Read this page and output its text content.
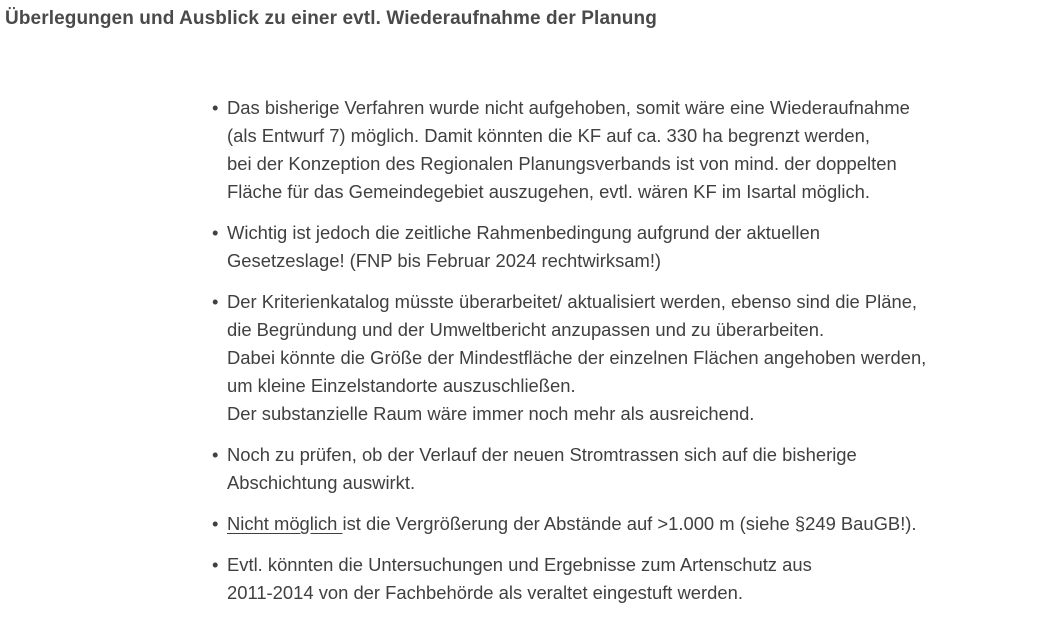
Überlegungen und Ausblick zu einer evtl. Wiederaufnahme der Planung
• Das bisherige Verfahren wurde nicht aufgehoben, somit wäre eine Wiederaufnahme
(als Entwurf 7) möglich. Damit könnten die KF auf ca. 330 ha begrenzt werden,
bei der Konzeption des Regionalen Planungsverbands ist von mind. der doppelten
Fläche für das Gemeindegebiet auszugehen, evtl. wären KF im Isartal möglich.
• Wichtig ist jedoch die zeitliche Rahmenbedingung aufgrund der aktuellen
Gesetzeslage! (FNP bis Februar 2024 rechtwirksam!)
• Der Kriterienkatalog müsste überarbeitet/ aktualisiert werden, ebenso sind die Pläne,
die Begründung und der Umweltbericht anzupassen und zu überarbeiten.
Dabei könnte die Größe der Mindestfläche der einzelnen Flächen angehoben werden,
um kleine Einzelstandorte auszuschließen.
Der substanzielle Raum wäre immer noch mehr als ausreichend.
• Noch zu prüfen, ob der Verlauf der neuen Stromtrassen sich auf die bisherige
Abschichtung auswirkt.
• Nicht möglich ist die Vergrößerung der Abstände auf >1.000 m (siehe §249 BauGB!).
• Evtl. könnten die Untersuchungen und Ergebnisse zum Artenschutz aus
2011-2014 von der Fachbehörde als veraltet eingestuft werden.
